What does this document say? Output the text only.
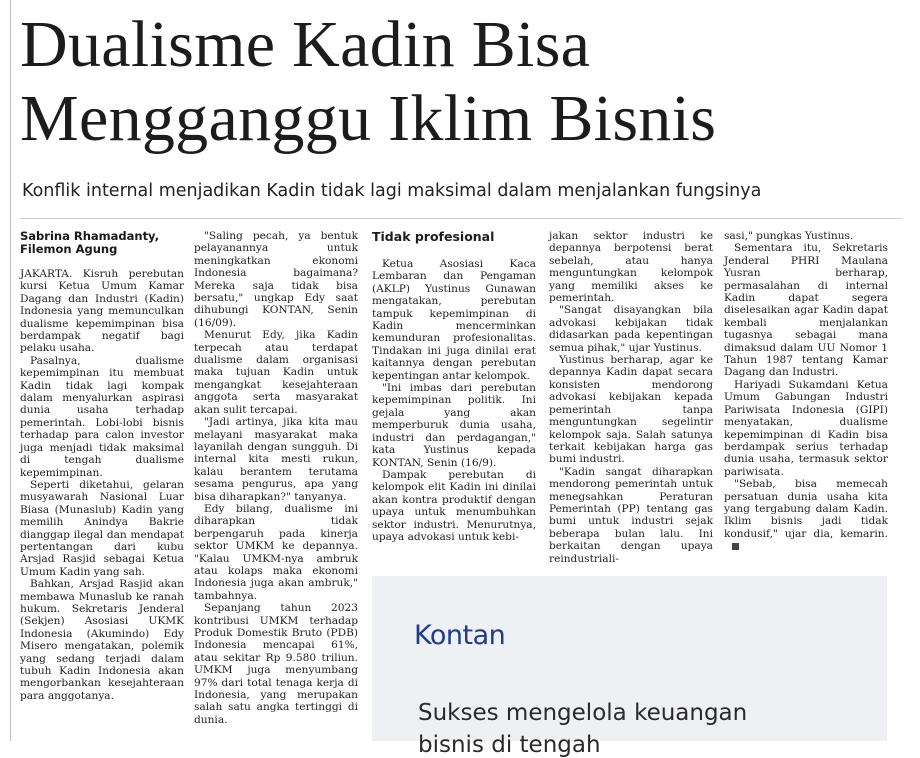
Dualisme Kadin Bisa
Mengganggu Iklim Bisnis
Konflik internal menjadikan Kadin tidak lagi maksimal dalam menjalankan fungsinya
Sabrina Rhamadanty,
Filemon Agung

JAKARTA. Kisruh perebutan kursi Ketua Umum Kamar Dagang dan Industri (Kadin) Indonesia yang memunculkan dualisme kepemimpinan bisa berdampak negatif bagi pelaku usaha.

Pasalnya, dualisme kepemimpinan itu membuat Kadin tidak lagi kompak dalam menyalurkan aspirasi dunia usaha terhadap pemerintah. Lobi-lobi bisnis terhadap para calon investor juga menjadi tidak maksimal di tengah dualisme kepemimpinan.

Seperti diketahui, gelaran musyawarah Nasional Luar Biasa (Munaslub) Kadin yang memilih Anindya Bakrie dianggap ilegal dan mendapat pertentangan dari kubu Arsjad Rasjid sebagai Ketua Umum Kadin yang sah.

Bahkan, Arsjad Rasjid akan membawa Munaslub ke ranah hukum. Sekretaris Jenderal (Sekjen) Asosiasi UKMK Indonesia (Akumindo) Edy Misero mengatakan, polemik yang sedang terjadi dalam tubuh Kadin Indonesia akan mengorbankan kesejahteraan para anggotanya.

"Saling pecah, ya bentuk pelayanannya untuk meningkatkan ekonomi Indonesia bagaimana? Mereka saja tidak bisa bersatu," ungkap Edy saat dihubungi KONTAN, Senin (16/09).

Menurut Edy, jika Kadin terpecah atau terdapat dualisme dalam organisasi maka tujuan Kadin untuk mengangkat kesejahteraan anggota serta masyarakat akan sulit tercapai.

"Jadi artinya, jika kita mau melayani masyarakat maka layanilah dengan sungguh. Di internal kita mesti rukun, kalau berantem terutama sesama pengurus, apa yang bisa diharapkan?" tanyanya.

Edy bilang, dualisme ini diharapkan tidak berpengaruh pada kinerja sektor UMKM ke depannya. "Kalau UMKM-nya ambruk atau kolaps maka ekonomi Indonesia juga akan ambruk," tambahnya.

Sepanjang tahun 2023 kontribusi UMKM terhadap Produk Domestik Bruto (PDB) Indonesia mencapai 61%, atau sekitar Rp 9.580 triliun. UMKM juga menyumbang 97% dari total tenaga kerja di Indonesia, yang merupakan salah satu angka tertinggi di dunia.

Tidak profesional

Ketua Asosiasi Kaca Lembaran dan Pengaman (AKLP) Yustinus Gunawan mengatakan, perebutan tampuk kepemimpinan di Kadin mencerminkan kemunduran profesionalitas. Tindakan ini juga dinilai erat kaitannya dengan perebutan kepentingan antar kelompok.

"Ini imbas dari perebutan kepemimpinan politik. Ini gejala yang akan memperburuk dunia usaha, industri dan perdagangan," kata Yustinus kepada KONTAN, Senin (16/9).

Dampak perebutan di kelompok elit Kadin ini dinilai akan kontra produktif dengan upaya untuk menumbuhkan sektor industri. Menurutnya, upaya advokasi untuk kebi-

jakan sektor industri ke depannya berpotensi berat sebelah, atau hanya menguntungkan kelompok yang memiliki akses ke pemerintah.

"Sangat disayangkan bila advokasi kebijakan tidak didasarkan pada kepentingan semua pihak," ujar Yustinus.

Yustinus berharap, agar ke depannya Kadin dapat secara konsisten mendorong advokasi kebijakan kepada pemerintah tanpa menguntungkan segelintir kelompok saja. Salah satunya terkait kebijakan harga gas bumi industri.

"Kadin sangat diharapkan mendorong pemerintah untuk menegsahkan Peraturan Pemerintah (PP) tentang gas bumi untuk industri sejak beberapa bulan lalu. Ini berkaitan dengan upaya reindustriali-

sasi," pungkas Yustinus.

Sementara itu, Sekretaris Jenderal PHRI Maulana Yusran berharap, permasalahan di internal Kadin dapat segera diselesaikan agar Kadin dapat kembali menjalankan tugasnya sebagai mana dimaksud dalam UU Nomor 1 Tahun 1987 tentang Kamar Dagang dan Industri.

Hariyadi Sukamdani Ketua Umum Gabungan Industri Pariwisata Indonesia (GIPI) menyatakan, dualisme kepemimpinan di Kadin bisa berdampak serius terhadap dunia usaha, termasuk sektor pariwisata.

"Sebab, bisa memecah persatuan dunia usaha kita yang tergabung dalam Kadin. Iklim bisnis jadi tidak kondusif," ujar dia, kemarin.

Kontan
Sukses mengelola keuangan
bisnis di tengah
